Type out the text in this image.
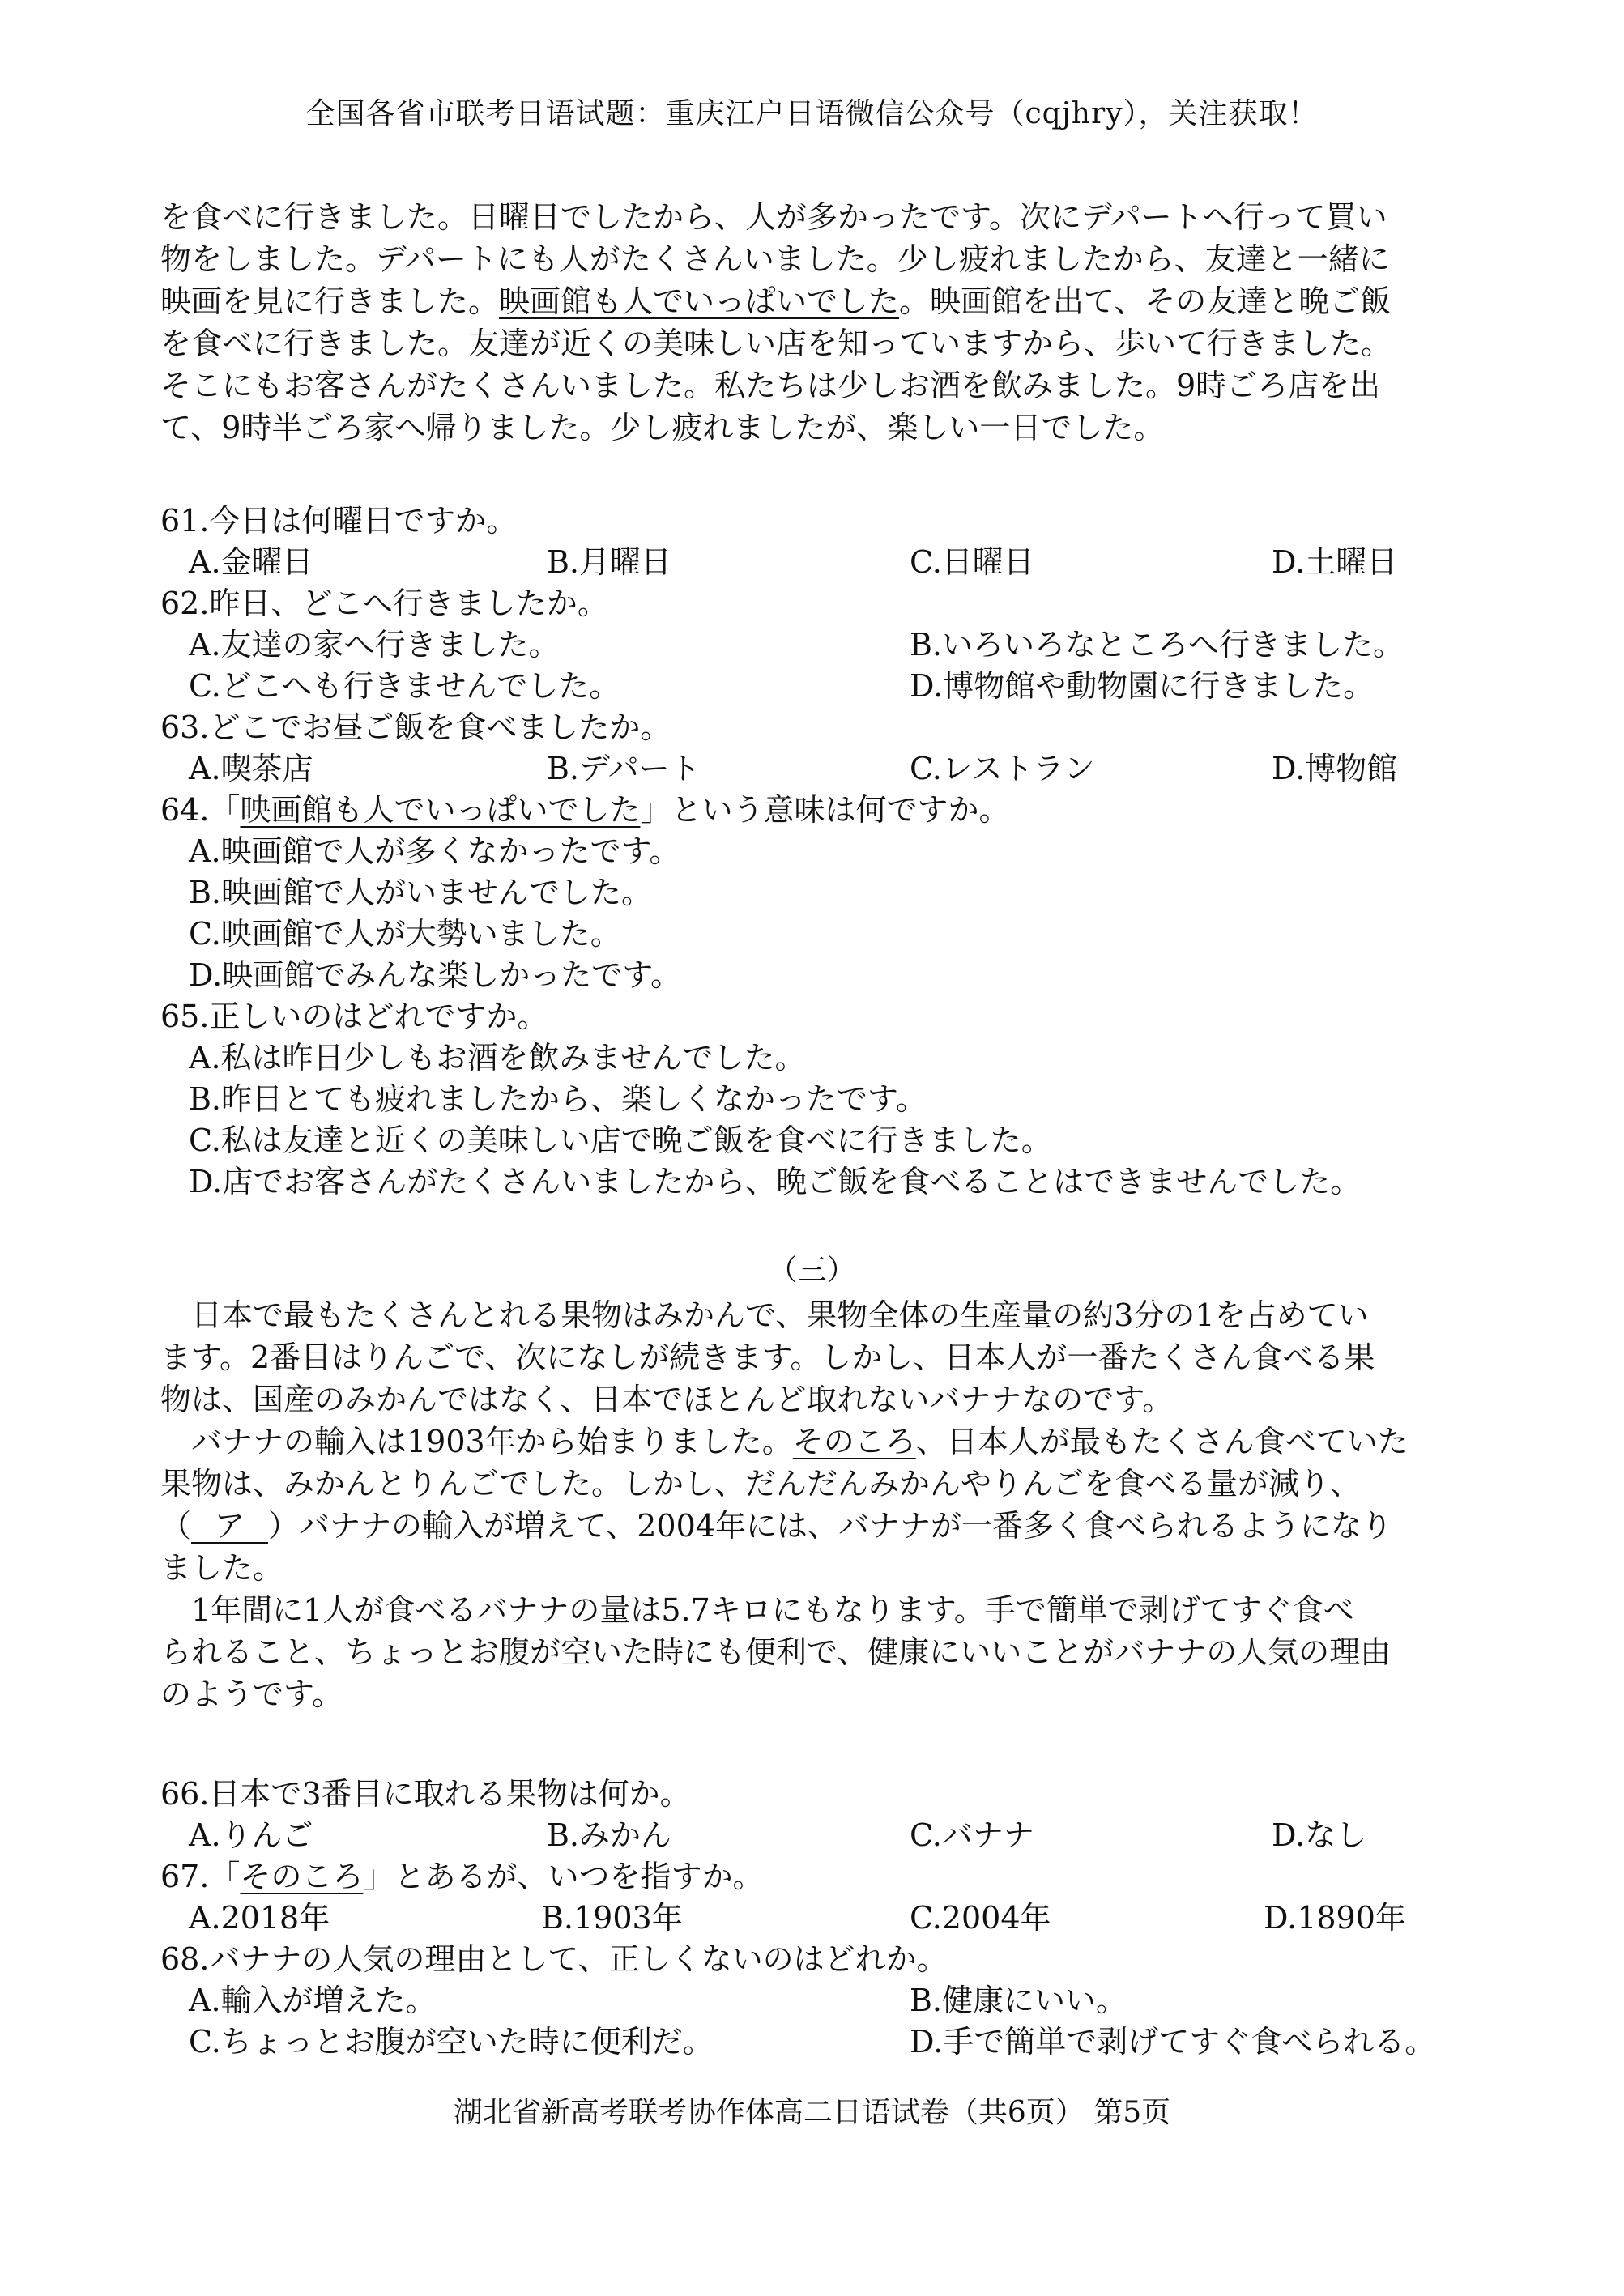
全国各省市联考日语试题：重庆江户日语微信公众号（cqjhry），关注获取！

を食べに行きました。日曜日でしたから、人が多かったです。次にデパートへ行って買い

物をしました。デパートにも人がたくさんいました。少し疲れましたから、友達と一緒に

映画を見に行きました。映画館も人でいっぱいでした。映画館を出て、その友達と晩ご飯

を食べに行きました。友達が近くの美味しい店を知っていますから、歩いて行きました。

そこにもお客さんがたくさんいました。私たちは少しお酒を飲みました。9時ごろ店を出

て、9時半ごろ家へ帰りました。少し疲れましたが、楽しい一日でした。

61.今日は何曜日ですか。

A.金曜日	B.月曜日	C.日曜日	D.土曜日

62.昨日、どこへ行きましたか。

A.友達の家へ行きました。	B.いろいろなところへ行きました。
C.どこへも行きませんでした。	D.博物館や動物園に行きました。

63.どこでお昼ご飯を食べましたか。

A.喫茶店	B.デパート	C.レストラン	D.博物館

64.「映画館も人でいっぱいでした」という意味は何ですか。

A.映画館で人が多くなかったです。

B.映画館で人がいませんでした。

C.映画館で人が大勢いました。

D.映画館でみんな楽しかったです。

65.正しいのはどれですか。

A.私は昨日少しもお酒を飲みませんでした。

B.昨日とても疲れましたから、楽しくなかったです。

C.私は友達と近くの美味しい店で晩ご飯を食べに行きました。

D.店でお客さんがたくさんいましたから、晩ご飯を食べることはできませんでした。

（三）

日本で最もたくさんとれる果物はみかんで、果物全体の生産量の約3分の1を占めてい

ます。2番目はりんごで、次になしが続きます。しかし、日本人が一番たくさん食べる果

物は、国産のみかんではなく、日本でほとんど取れないバナナなのです。

バナナの輸入は1903年から始まりました。そのころ、日本人が最もたくさん食べていた

果物は、みかんとりんごでした。しかし、だんだんみかんやりんごを食べる量が減り、

（ ア ）バナナの輸入が増えて、2004年には、バナナが一番多く食べられるようになり

ました。

1年間に1人が食べるバナナの量は5.7キロにもなります。手で簡単で剥げてすぐ食べ

られること、ちょっとお腹が空いた時にも便利で、健康にいいことがバナナの人気の理由

のようです。

66.日本で3番目に取れる果物は何か。

A.りんご	B.みかん	C.バナナ	D.なし

67.「そのころ」とあるが、いつを指すか。

A.2018年	B.1903年	C.2004年	D.1890年

68.バナナの人気の理由として、正しくないのはどれか。

A.輸入が増えた。	B.健康にいい。
C.ちょっとお腹が空いた時に便利だ。	D.手で簡単で剥げてすぐ食べられる。
湖北省新高考联考协作体高二日语试卷（共6页） 第5页
